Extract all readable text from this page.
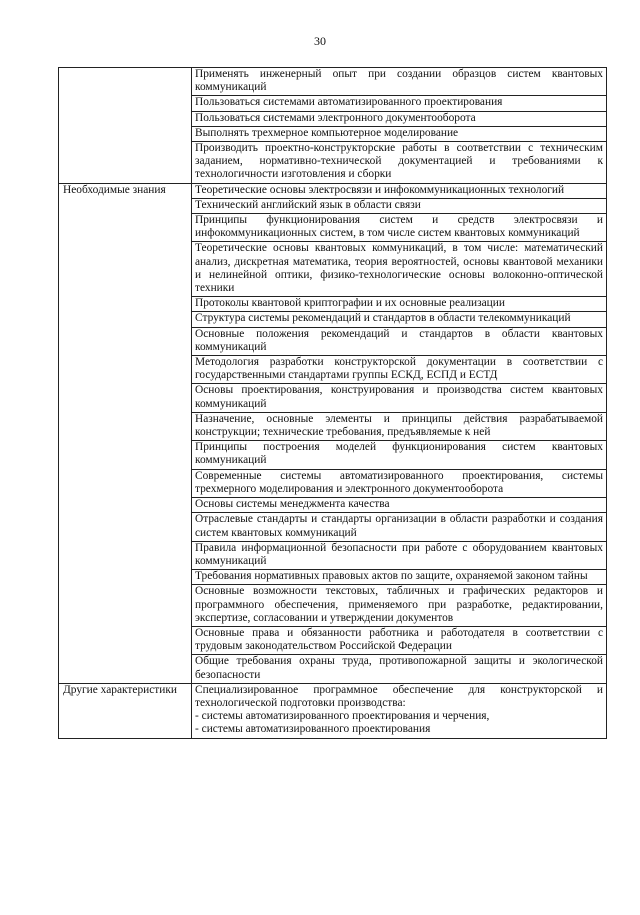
30
	Применять инженерный опыт при создании образцов систем квантовых коммуникаций
	Пользоваться системами автоматизированного проектирования
	Пользоваться системами электронного документооборота
	Выполнять трехмерное компьютерное моделирование
	Производить проектно-конструкторские работы в соответствии с техническим заданием, нормативно-технической документацией и требованиями к технологичности изготовления и сборки
Необходимые знания	Теоретические основы электросвязи и инфокоммуникационных технологий
	Технический английский язык в области связи
	Принципы функционирования систем и средств электросвязи и инфокоммуникационных систем, в том числе систем квантовых коммуникаций
	Теоретические основы квантовых коммуникаций, в том числе: математический анализ, дискретная математика, теория вероятностей, основы квантовой механики и нелинейной оптики, физико-технологические основы волоконно-оптической техники
	Протоколы квантовой криптографии и их основные реализации
	Структура системы рекомендаций и стандартов в области телекоммуникаций
	Основные положения рекомендаций и стандартов в области квантовых коммуникаций
	Методология разработки конструкторской документации в соответствии с государственными стандартами группы ЕСКД, ЕСПД и ЕСТД
	Основы проектирования, конструирования и производства систем квантовых коммуникаций
	Назначение, основные элементы и принципы действия разрабатываемой конструкции; технические требования, предъявляемые к ней
	Принципы построения моделей функционирования систем квантовых коммуникаций
	Современные системы автоматизированного проектирования, системы трехмерного моделирования и электронного документооборота
	Основы системы менеджмента качества
	Отраслевые стандарты и стандарты организации в области разработки и создания систем квантовых коммуникаций
	Правила информационной безопасности при работе с оборудованием квантовых коммуникаций
	Требования нормативных правовых актов по защите, охраняемой законом тайны
	Основные возможности текстовых, табличных и графических редакторов и программного обеспечения, применяемого при разработке, редактировании, экспертизе, согласовании и утверждении документов
	Основные права и обязанности работника и работодателя в соответствии с трудовым законодательством Российской Федерации
	Общие требования охраны труда, противопожарной защиты и экологической безопасности
Другие характеристики	Специализированное программное обеспечение для конструкторской и технологической подготовки производства:
- системы автоматизированного проектирования и черчения,
- системы автоматизированного проектирования
